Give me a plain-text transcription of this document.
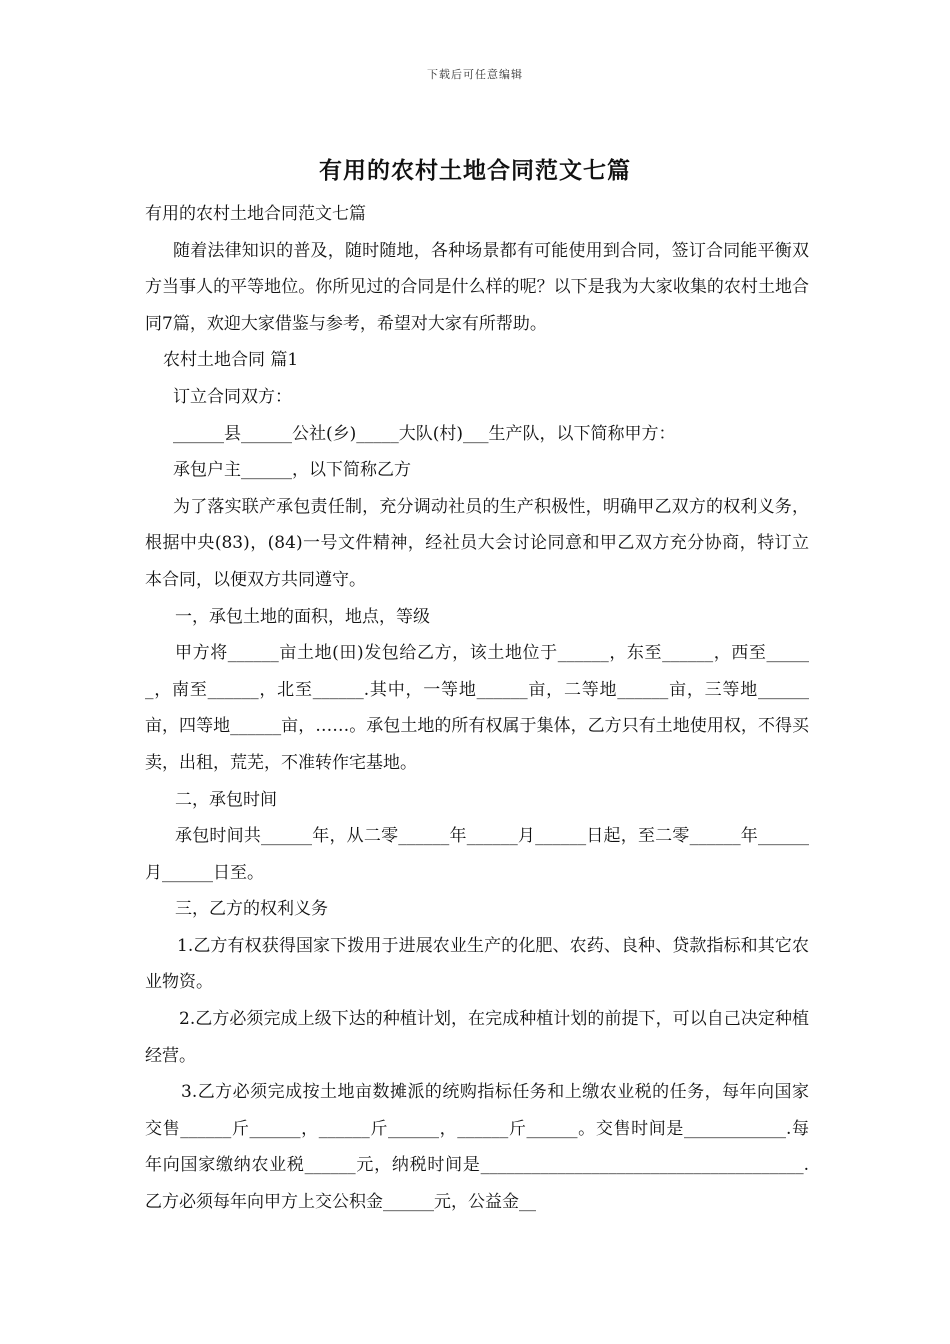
下载后可任意编辑
有用的农村土地合同范文七篇

有用的农村土地合同范文七篇

随着法律知识的普及，随时随地，各种场景都有可能使用到合同，签订合同能平衡双方当事人的平等地位。你所见过的合同是什么样的呢？以下是我为大家收集的农村土地合同7篇，欢迎大家借鉴与参考，希望对大家有所帮助。

农村土地合同 篇1

订立合同双方：

______县______公社(乡)_____大队(村)___生产队，以下简称甲方：

承包户主______，以下简称乙方

为了落实联产承包责任制，充分调动社员的生产积极性，明确甲乙双方的权利义务，根据中央(83)，(84)一号文件精神，经社员大会讨论同意和甲乙双方充分协商，特订立本合同，以便双方共同遵守。

一，承包土地的面积，地点，等级

甲方将______亩土地(田)发包给乙方，该土地位于______，东至______，西至______，南至______，北至______.其中，一等地______亩，二等地______亩，三等地______亩，四等地______亩，……。承包土地的所有权属于集体，乙方只有土地使用权，不得买卖，出租，荒芜，不准转作宅基地。

二，承包时间

承包时间共______年，从二零______年______月______日起，至二零______年______月______日至。

三，乙方的权利义务

1.乙方有权获得国家下拨用于进展农业生产的化肥、农药、良种、贷款指标和其它农业物资。

2.乙方必须完成上级下达的种植计划，在完成种植计划的前提下，可以自己决定种植经营。

3.乙方必须完成按土地亩数摊派的统购指标任务和上缴农业税的任务，每年向国家交售______斤______，______斤______，______斤______。交售时间是____________.每年向国家缴纳农业税______元，纳税时间是______________________________________.乙方必须每年向甲方上交公积金______元，公益金__
